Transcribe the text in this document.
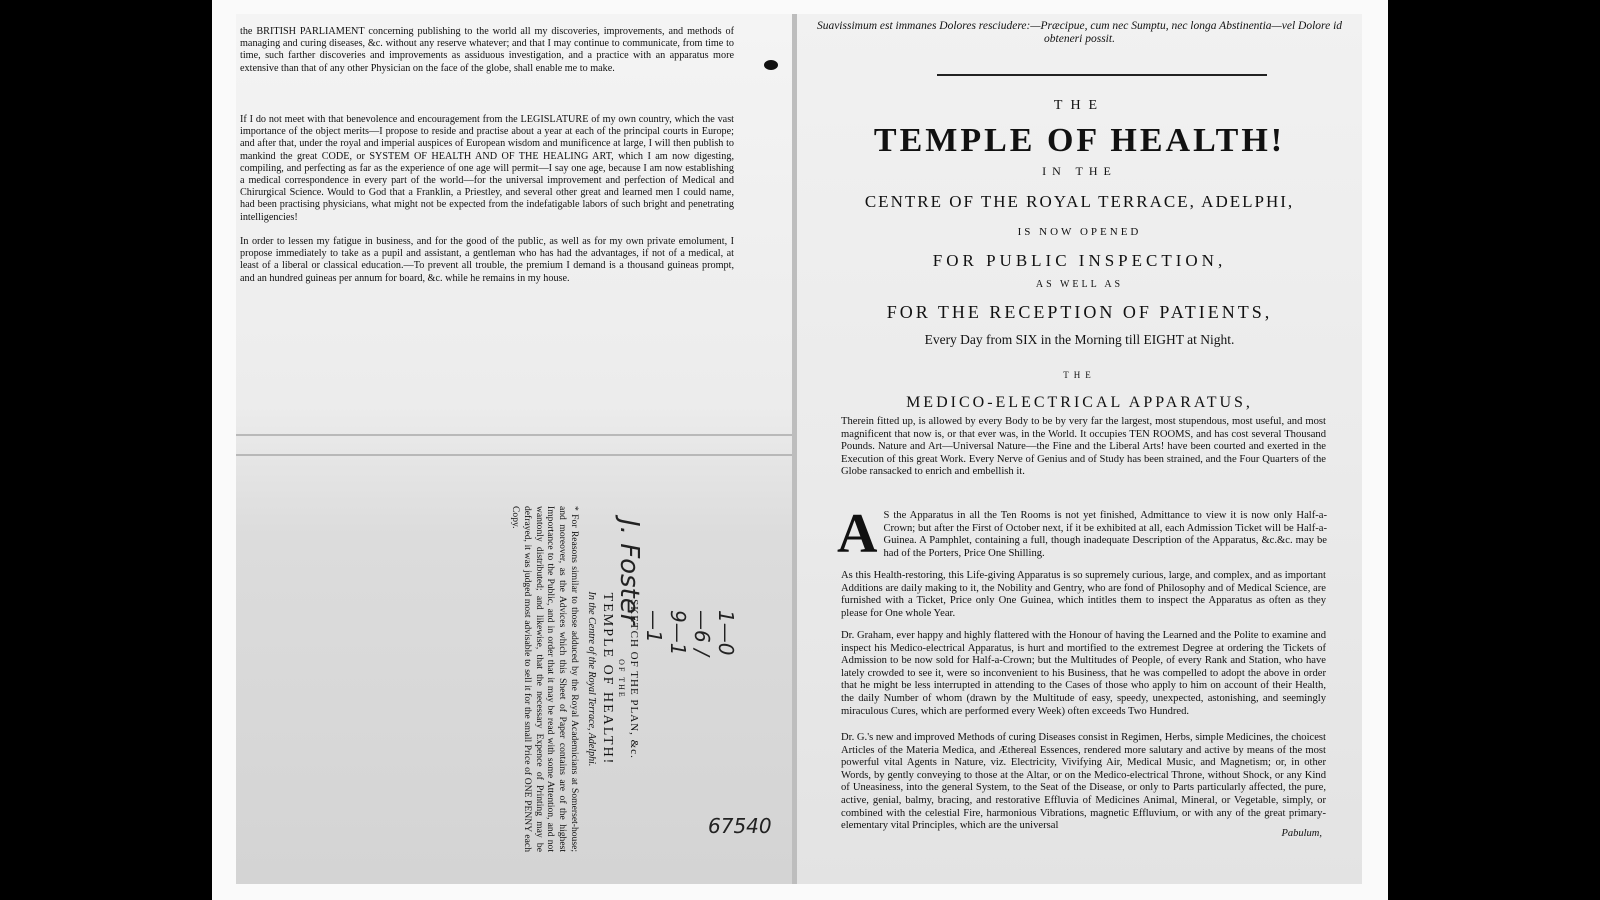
the BRITISH PARLIAMENT concerning publishing to the world all my discoveries, improvements, and methods of managing and curing diseases, &c. without any reserve whatever; and that I may continue to communicate, from time to time, such farther discoveries and improvements as assiduous investigation, and a practice with an apparatus more extensive than that of any other Physician on the face of the globe, shall enable me to make.

If I do not meet with that benevolence and encouragement from the LEGISLATURE of my own country, which the vast importance of the object merits—I propose to reside and practise about a year at each of the principal courts in Europe; and after that, under the royal and imperial auspices of European wisdom and munificence at large, I will then publish to mankind the great CODE, or SYSTEM OF HEALTH AND OF THE HEALING ART, which I am now digesting, compiling, and perfecting as far as the experience of one age will permit—I say one age, because I am now establishing a medical correspondence in every part of the world—for the universal improvement and perfection of Medical and Chirurgical Science. Would to God that a Franklin, a Priestley, and several other great and learned men I could name, had been practising physicians, what might not be expected from the indefatigable labors of such bright and penetrating intelligencies!

In order to lessen my fatigue in business, and for the good of the public, as well as for my own private emolument, I propose immediately to take as a pupil and assistant, a gentleman who has had the advantages, if not of a medical, at least of a liberal or classical education.—To prevent all trouble, the premium I demand is a thousand guineas prompt, and an hundred guineas per annum for board, &c. while he remains in my house.

SKETCH OF THE PLAN, &c.

OF THE

TEMPLE OF HEALTH!

In the Centre of the Royal Terrace, Adelphi.

* For Reasons similar to those adduced by the Royal Academicians at Somerset-house; and moreover, as the Advices which this Sheet of Paper contains are of the highest Importance to the Public, and in order that it may be read with some Attention, and not wantonly distributed; and likewise, that the necessary Expence of Printing may be defrayed, it was judged most advisable to sell it for the small Price of ONE PENNY each Copy.

J. Foster
1—0—6 / 9—1—1
67540
Suavissimum est immanes Dolores resciudere:—Præcipue, cum nec Sumptu, nec longa Abstinentia—vel Dolore id obteneri possit.

THE

TEMPLE OF HEALTH!

IN THE

CENTRE OF THE ROYAL TERRACE, ADELPHI,

IS NOW OPENED

FOR PUBLIC INSPECTION,

AS WELL AS

FOR THE RECEPTION OF PATIENTS,

Every Day from SIX in the Morning till EIGHT at Night.

THE

MEDICO-ELECTRICAL APPARATUS,

Therein fitted up, is allowed by every Body to be by very far the largest, most stupendous, most useful, and most magnificent that now is, or that ever was, in the World. It occupies TEN ROOMS, and has cost several Thousand Pounds. Nature and Art—Universal Nature—the Fine and the Liberal Arts! have been courted and exerted in the Execution of this great Work. Every Nerve of Genius and of Study has been strained, and the Four Quarters of the Globe ransacked to enrich and embellish it.

A S the Apparatus in all the Ten Rooms is not yet finished, Admittance to view it is now only Half-a-Crown; but after the First of October next, if it be exhibited at all, each Admission Ticket will be Half-a-Guinea. A Pamphlet, containing a full, though inadequate Description of the Apparatus, &c.&c. may be had of the Porters, Price One Shilling.

As this Health-restoring, this Life-giving Apparatus is so supremely curious, large, and complex, and as important Additions are daily making to it, the Nobility and Gentry, who are fond of Philosophy and of Medical Science, are furnished with a Ticket, Price only One Guinea, which intitles them to inspect the Apparatus as often as they please for One whole Year.

Dr. Graham, ever happy and highly flattered with the Honour of having the Learned and the Polite to examine and inspect his Medico-electrical Apparatus, is hurt and mortified to the extremest Degree at ordering the Tickets of Admission to be now sold for Half-a-Crown; but the Multitudes of People, of every Rank and Station, who have lately crowded to see it, were so inconvenient to his Business, that he was compelled to adopt the above in order that he might be less interrupted in attending to the Cases of those who apply to him on account of their Health, the daily Number of whom (drawn by the Multitude of easy, speedy, unexpected, astonishing, and seemingly miraculous Cures, which are performed every Week) often exceeds Two Hundred.

Dr. G.'s new and improved Methods of curing Diseases consist in Regimen, Herbs, simple Medicines, the choicest Articles of the Materia Medica, and Æthereal Essences, rendered more salutary and active by means of the most powerful vital Agents in Nature, viz. Electricity, Vivifying Air, Medical Music, and Magnetism; or, in other Words, by gently conveying to those at the Altar, or on the Medico-electrical Throne, without Shock, or any Kind of Uneasiness, into the general System, to the Seat of the Disease, or only to Parts particularly affected, the pure, active, genial, balmy, bracing, and restorative Effluvia of Medicines Animal, Mineral, or Vegetable, simply, or combined with the celestial Fire, harmonious Vibrations, magnetic Effluvium, or with any of the great primary-elementary vital Principles, which are the universal

Pabulum,
